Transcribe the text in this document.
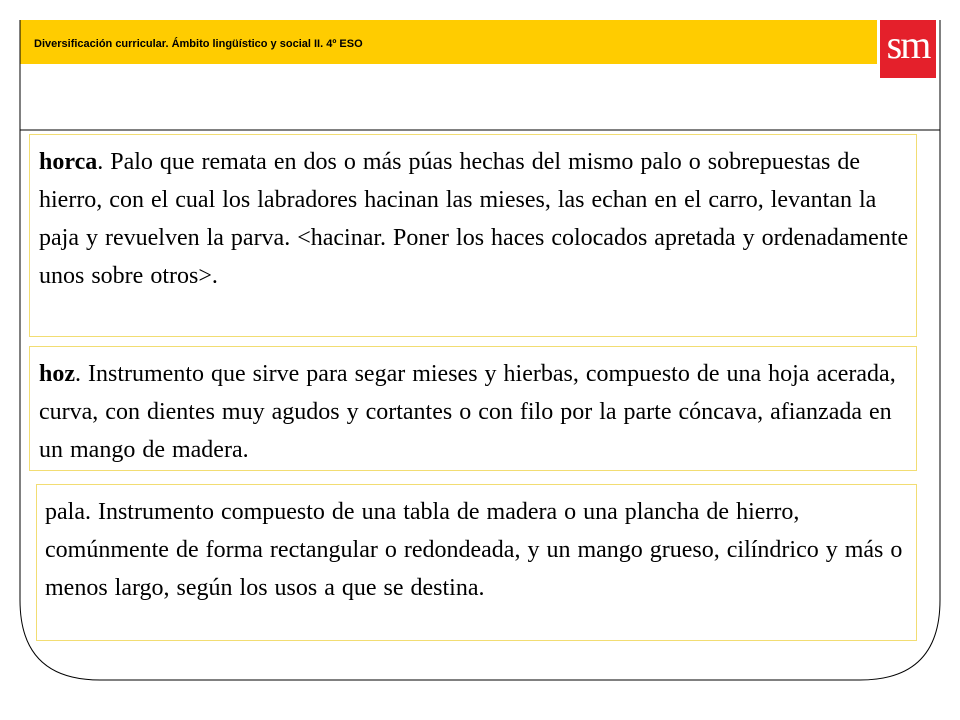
Diversificación curricular. Ámbito lingüístico y social II. 4º ESO	sm
horca. Palo que remata en dos o más púas hechas del mismo palo o sobrepuestas de hierro, con el cual los labradores hacinan las mieses, las echan en el carro, levantan la paja y revuelven la parva. <hacinar. Poner los haces colocados apretada y ordenadamente unos sobre otros>.
hoz. Instrumento que sirve para segar mieses y hierbas, compuesto de una hoja acerada, curva, con dientes muy agudos y cortantes o con filo por la parte cóncava, afianzada en un mango de madera.
pala. Instrumento compuesto de una tabla de madera o una plancha de hierro, comúnmente de forma rectangular o redondeada, y un mango grueso, cilíndrico y más o menos largo, según los usos a que se destina.
